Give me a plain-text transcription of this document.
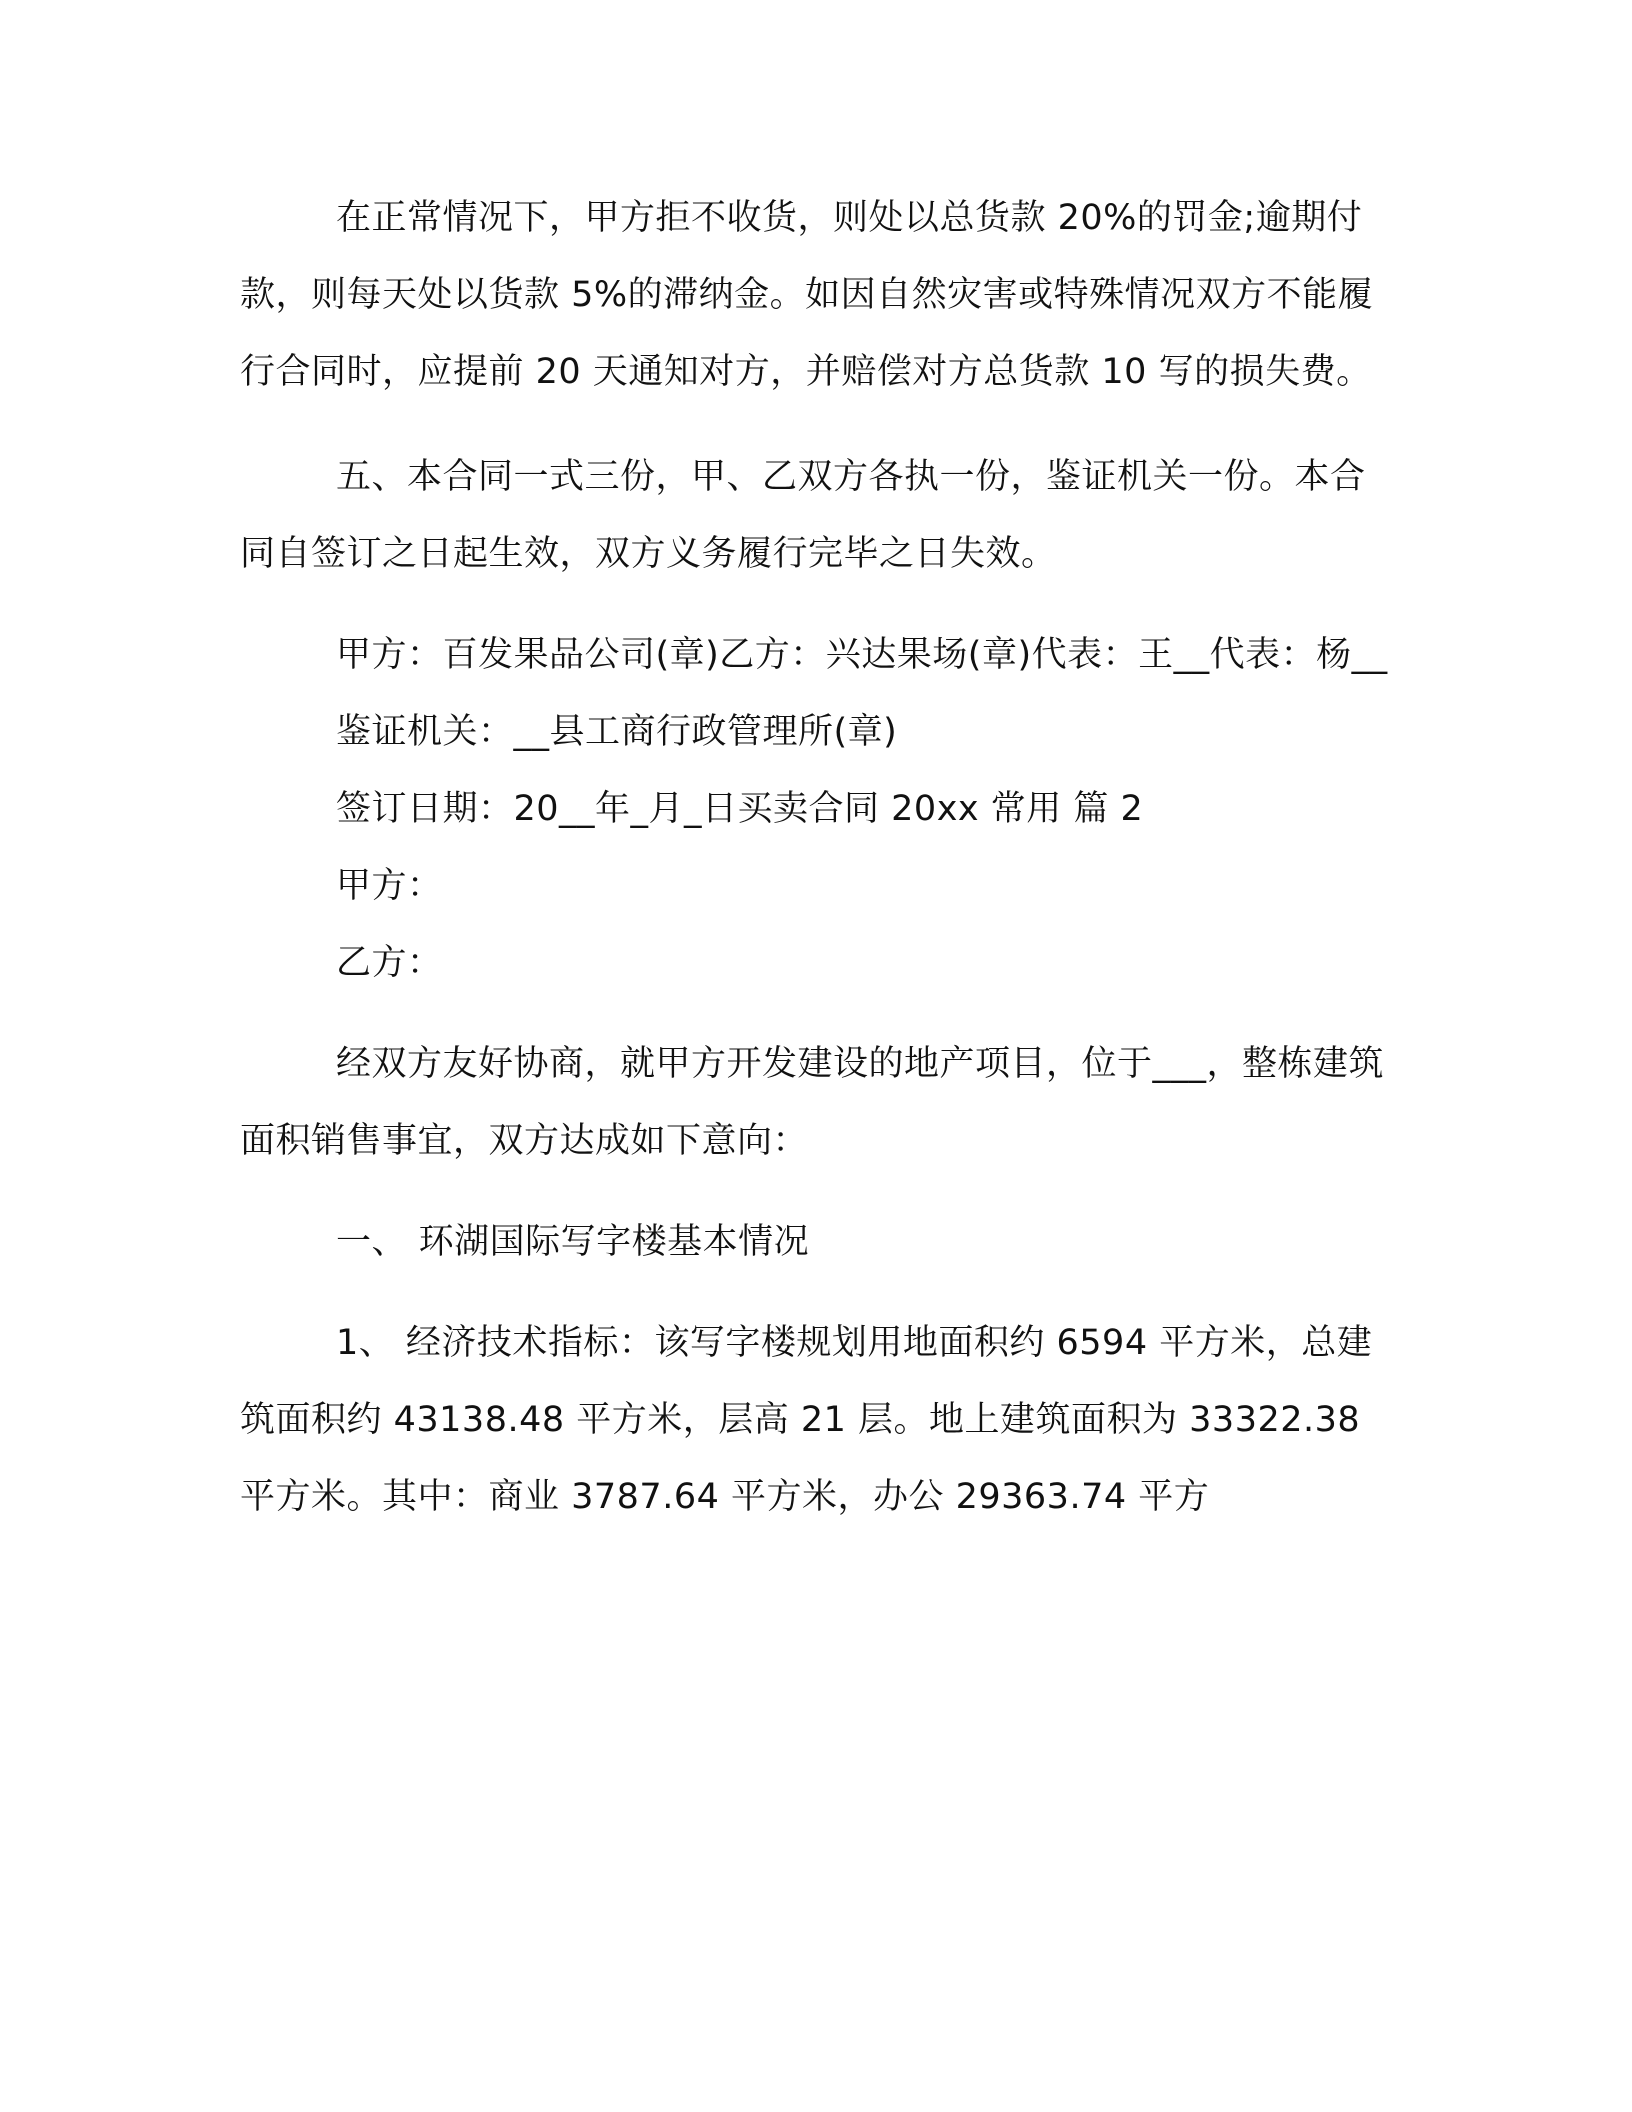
在正常情况下，甲方拒不收货，则处以总货款 20%的罚金;逾期付款，则每天处以货款 5%的滞纳金。如因自然灾害或特殊情况双方不能履行合同时，应提前 20 天通知对方，并赔偿对方总货款 10 写的损失费。

五、本合同一式三份，甲、乙双方各执一份，鉴证机关一份。本合同自签订之日起生效，双方义务履行完毕之日失效。

甲方：百发果品公司(章)乙方：兴达果场(章)代表：王__代表：杨__

鉴证机关：__县工商行政管理所(章)

签订日期：20__年_月_日买卖合同 20xx 常用 篇 2

甲方：

乙方：

经双方友好协商，就甲方开发建设的地产项目，位于___，整栋建筑面积销售事宜，双方达成如下意向：

一、 环湖国际写字楼基本情况

1、 经济技术指标：该写字楼规划用地面积约 6594 平方米，总建筑面积约 43138.48 平方米，层高 21 层。地上建筑面积为 33322.38 平方米。其中：商业 3787.64 平方米，办公 29363.74 平方
